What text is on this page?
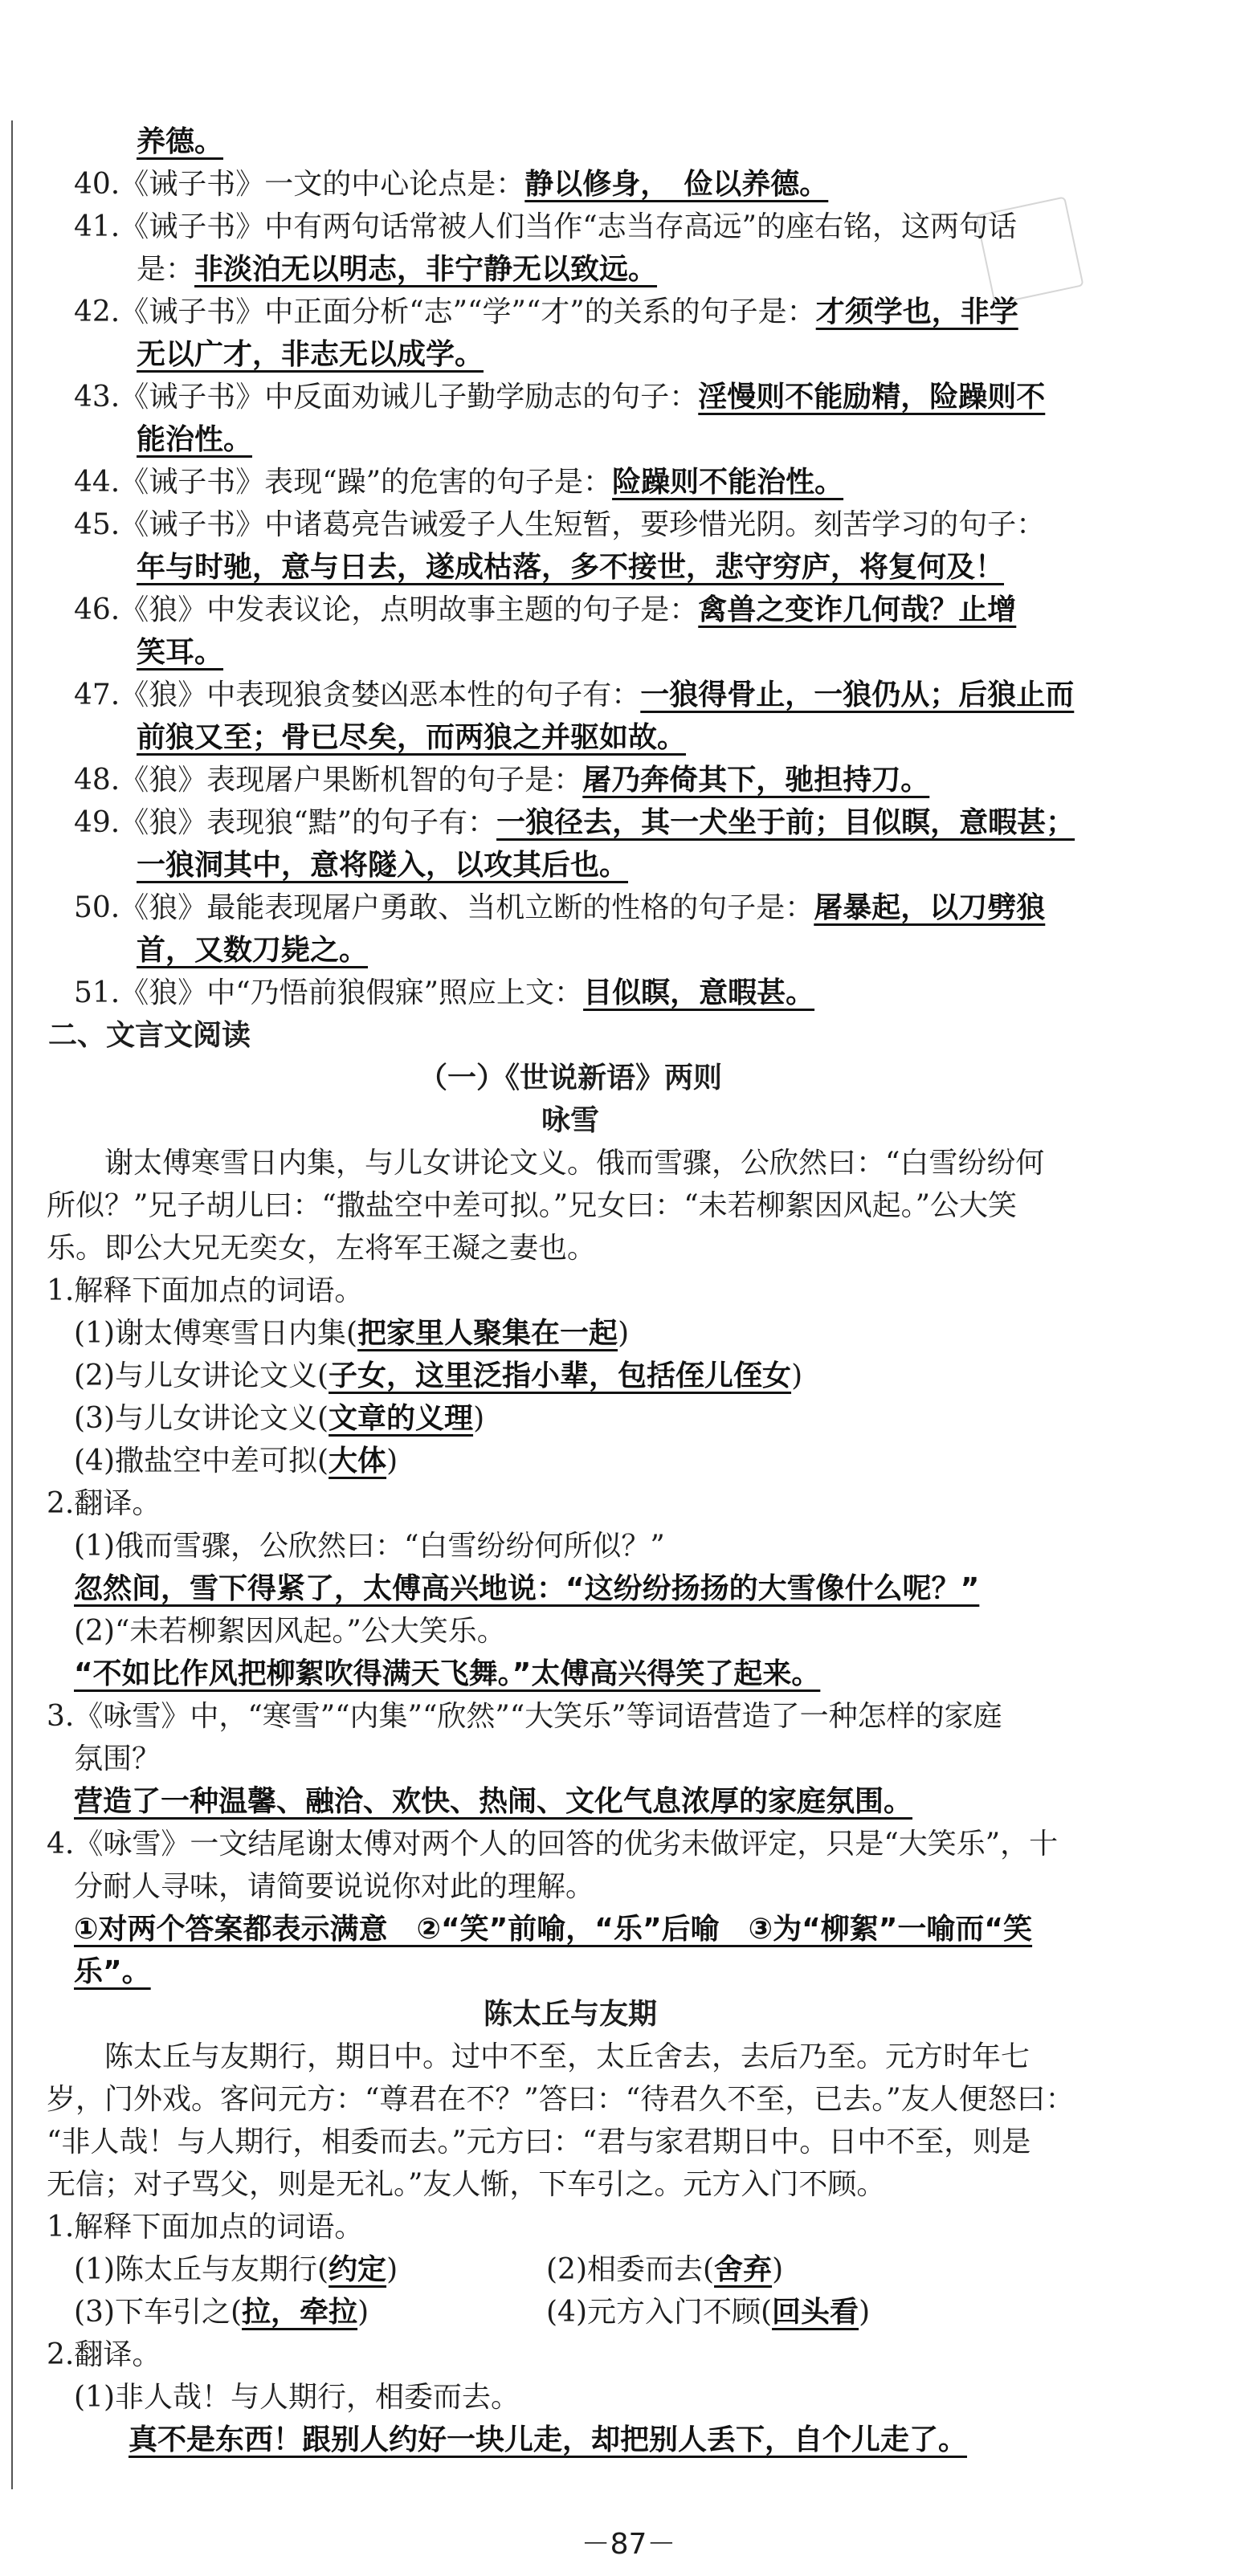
养德。
40.《诫子书》一文的中心论点是：静以修身，　俭以养德。
41.《诫子书》中有两句话常被人们当作“志当存高远”的座右铭，这两句话
是：非淡泊无以明志，非宁静无以致远。
42.《诫子书》中正面分析“志”“学”“才”的关系的句子是：才须学也，非学
无以广才，非志无以成学。
43.《诫子书》中反面劝诫儿子勤学励志的句子：淫慢则不能励精，险躁则不
能治性。
44.《诫子书》表现“躁”的危害的句子是：险躁则不能治性。
45.《诫子书》中诸葛亮告诫爱子人生短暂，要珍惜光阴。刻苦学习的句子：
年与时驰，意与日去，遂成枯落，多不接世，悲守穷庐，将复何及！
46.《狼》中发表议论，点明故事主题的句子是：禽兽之变诈几何哉？止增
笑耳。
47.《狼》中表现狼贪婪凶恶本性的句子有：一狼得骨止，一狼仍从；后狼止而
前狼又至；骨已尽矣，而两狼之并驱如故。
48.《狼》表现屠户果断机智的句子是：屠乃奔倚其下，驰担持刀。
49.《狼》表现狼“黠”的句子有：一狼径去，其一犬坐于前；目似瞑，意暇甚；
一狼洞其中，意将隧入，以攻其后也。
50.《狼》最能表现屠户勇敢、当机立断的性格的句子是：屠暴起，以刀劈狼
首，又数刀毙之。
51.《狼》中“乃悟前狼假寐”照应上文：目似瞑，意暇甚。
二、文言文阅读
（一）《世说新语》两则
咏雪
谢太傅寒雪日内集，与儿女讲论文义。俄而雪骤，公欣然曰：“白雪纷纷何
所似？”兄子胡儿曰：“撒盐空中差可拟。”兄女曰：“未若柳絮因风起。”公大笑
乐。即公大兄无奕女，左将军王凝之妻也。
1.解释下面加点的词语。
(1)谢太傅寒雪日内集(把家里人聚集在一起)
(2)与儿女讲论文义(子女，这里泛指小辈，包括侄儿侄女)
(3)与儿女讲论文义(文章的义理)
(4)撒盐空中差可拟(大体)
2.翻译。
(1)俄而雪骤，公欣然曰：“白雪纷纷何所似？”
忽然间，雪下得紧了，太傅高兴地说：“这纷纷扬扬的大雪像什么呢？”
(2)“未若柳絮因风起。”公大笑乐。
“不如比作风把柳絮吹得满天飞舞。”太傅高兴得笑了起来。
3.《咏雪》中，“寒雪”“内集”“欣然”“大笑乐”等词语营造了一种怎样的家庭
氛围？
营造了一种温馨、融洽、欢快、热闹、文化气息浓厚的家庭氛围。
4.《咏雪》一文结尾谢太傅对两个人的回答的优劣未做评定，只是“大笑乐”，十
分耐人寻味，请简要说说你对此的理解。
①对两个答案都表示满意　②“笑”前喻，“乐”后喻　③为“柳絮”一喻而“笑
乐”。
陈太丘与友期
陈太丘与友期行，期日中。过中不至，太丘舍去，去后乃至。元方时年七
岁，门外戏。客问元方：“尊君在不？”答曰：“待君久不至，已去。”友人便怒曰：
“非人哉！与人期行，相委而去。”元方曰：“君与家君期日中。日中不至，则是
无信；对子骂父，则是无礼。”友人惭，下车引之。元方入门不顾。
1.解释下面加点的词语。
(1)陈太丘与友期行(约定)	(2)相委而去(舍弃)
(3)下车引之(拉，牵拉)	(4)元方入门不顾(回头看)
2.翻译。
(1)非人哉！与人期行，相委而去。
真不是东西！跟别人约好一块儿走，却把别人丢下，自个儿走了。
－87－
